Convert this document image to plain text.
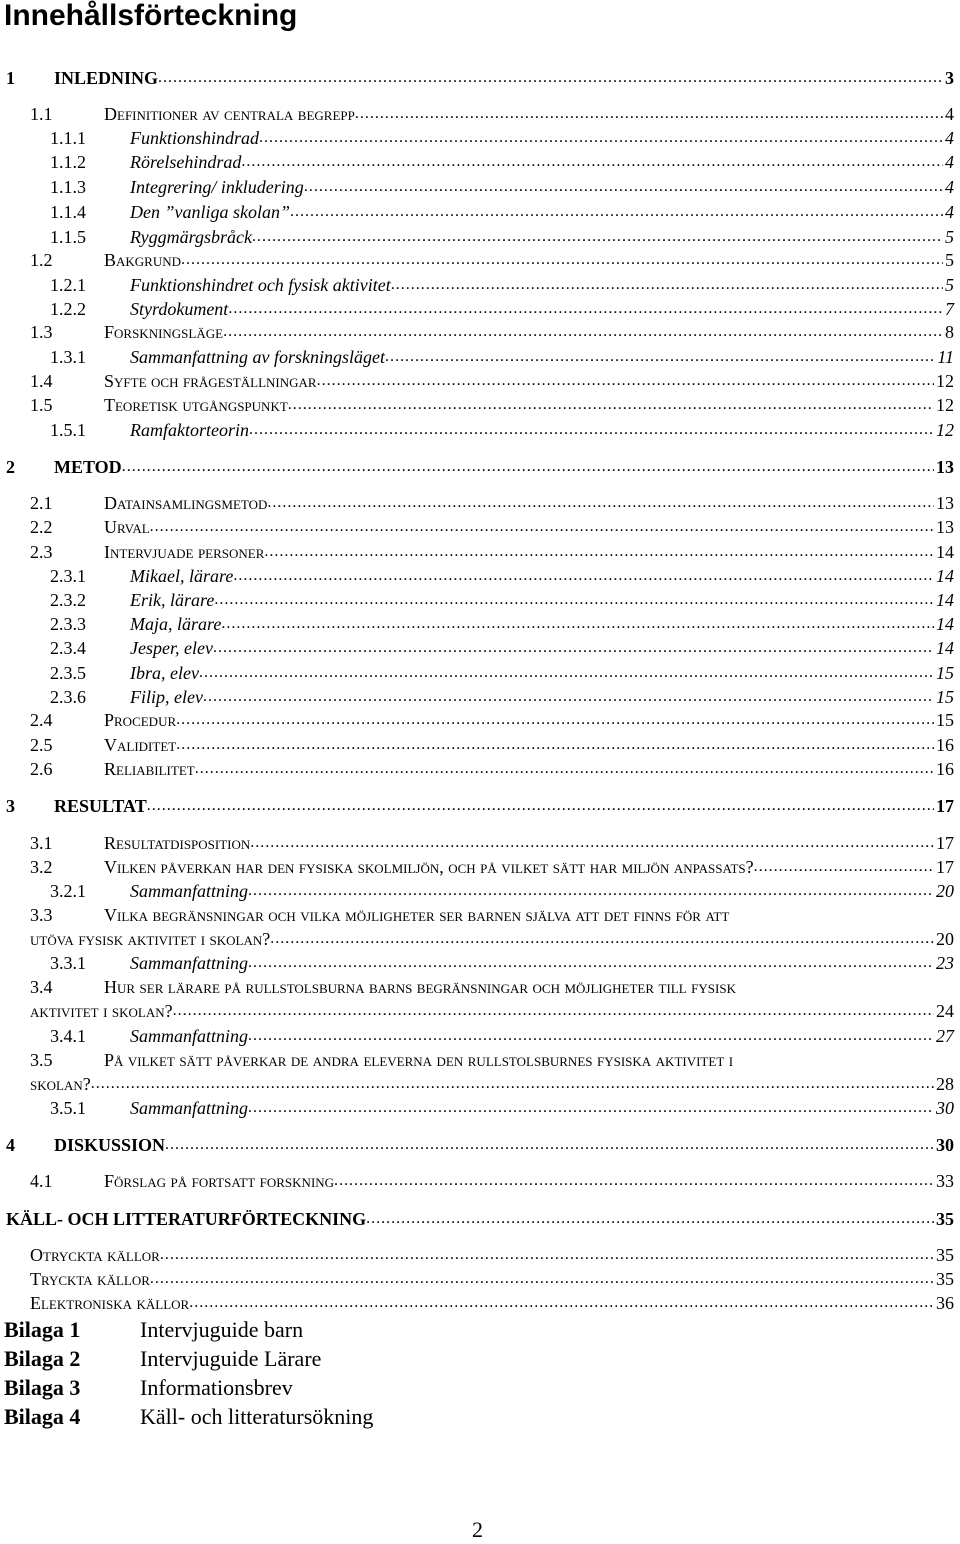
Innehållsförteckning
1 INLEDNING .....	3
1.1	Definitioner av centrala begrepp .....	4
1.1.1 Funktionshindrad .....	4
1.1.2 Rörelsehindrad .....	4
1.1.3 Integrering/ inkludering .....	4
1.1.4 Den ”vanliga skolan” .....	4
1.1.5 Ryggmärgsbråck .....	5
1.2	Bakgrund .....	5
1.2.1 Funktionshindret och fysisk aktivitet .....	5
1.2.2 Styrdokument .....	7
1.3	Forskningsläge .....	8
1.3.1 Sammanfattning av forskningsläget .....	11
1.4	Syfte och frågeställningar .....	12
1.5	Teoretisk utgångspunkt .....	12
1.5.1 Ramfaktorteorin .....	12
2 METOD .....	13
2.1	Datainsamlingsmetod .....	13
2.2	Urval .....	13
2.3	Intervjuade personer .....	14
2.3.1 Mikael, lärare .....	14
2.3.2 Erik, lärare .....	14
2.3.3 Maja, lärare .....	14
2.3.4 Jesper, elev .....	14
2.3.5 Ibra, elev .....	15
2.3.6 Filip, elev .....	15
2.4	Procedur .....	15
2.5	Validitet .....	16
2.6	Reliabilitet .....	16
3 RESULTAT .....	17
3.1	Resultatdisposition .....	17
3.2	Vilken påverkan har den fysiska skolmiljön, och på vilket sätt har miljön anpassats? .....	17
3.2.1 Sammanfattning .....	20
3.3	Vilka begränsningar och vilka möjligheter ser barnen själva att det finns för att
utöva fysisk aktivitet i skolan? .....	20
3.3.1 Sammanfattning .....	23
3.4	Hur ser lärare på rullstolsburna barns begränsningar och möjligheter till fysisk
aktivitet i skolan? .....	24
3.4.1 Sammanfattning .....	27
3.5	På vilket sätt påverkar de andra eleverna den rullstolsburnes fysiska aktivitet i
skolan? .....	28
3.5.1 Sammanfattning .....	30
4 DISKUSSION .....	30
4.1	Förslag på fortsatt forskning .....	33
KÄLL- OCH LITTERATURFÖRTECKNING .....	35
Otryckta källor .....	35
Tryckta källor .....	35
Elektroniska källor .....	36
Bilaga 1	Intervjuguide barn
Bilaga 2	Intervjuguide Lärare
Bilaga 3	Informationsbrev
Bilaga 4	Käll- och litteratursökning
2
